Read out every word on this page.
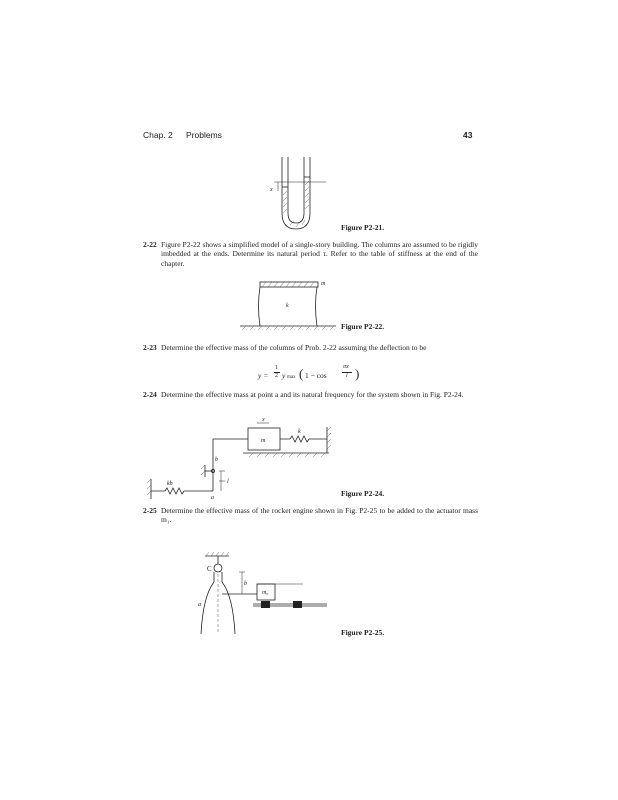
Chap. 2 Problems	43
x
Figure P2-21.
2-22 Figure P2-22 shows a simplified model of a single-story building. The columns are assumed to be rigidly imbedded at the ends. Determine its natural period τ. Refer to the table of stiffness at the end of the chapter.
m
k
Figure P2-22.
2-23 Determine the effective mass of the columns of Prob. 2-22 assuming the deflection to be
y =
1
2 y max ( 1 − cos
πx
l )
2-24 Determine the effective mass at point a and its natural frequency for the system shown in Fig. P2-24.
x
m
k
b
l
kb
a	Figure P2-24.
2-25 Determine the effective mass of the rocket engine shown in Fig. P2-25 to be added to the actuator mass m₁.
C
b
m₀
a
Figure P2-25.
